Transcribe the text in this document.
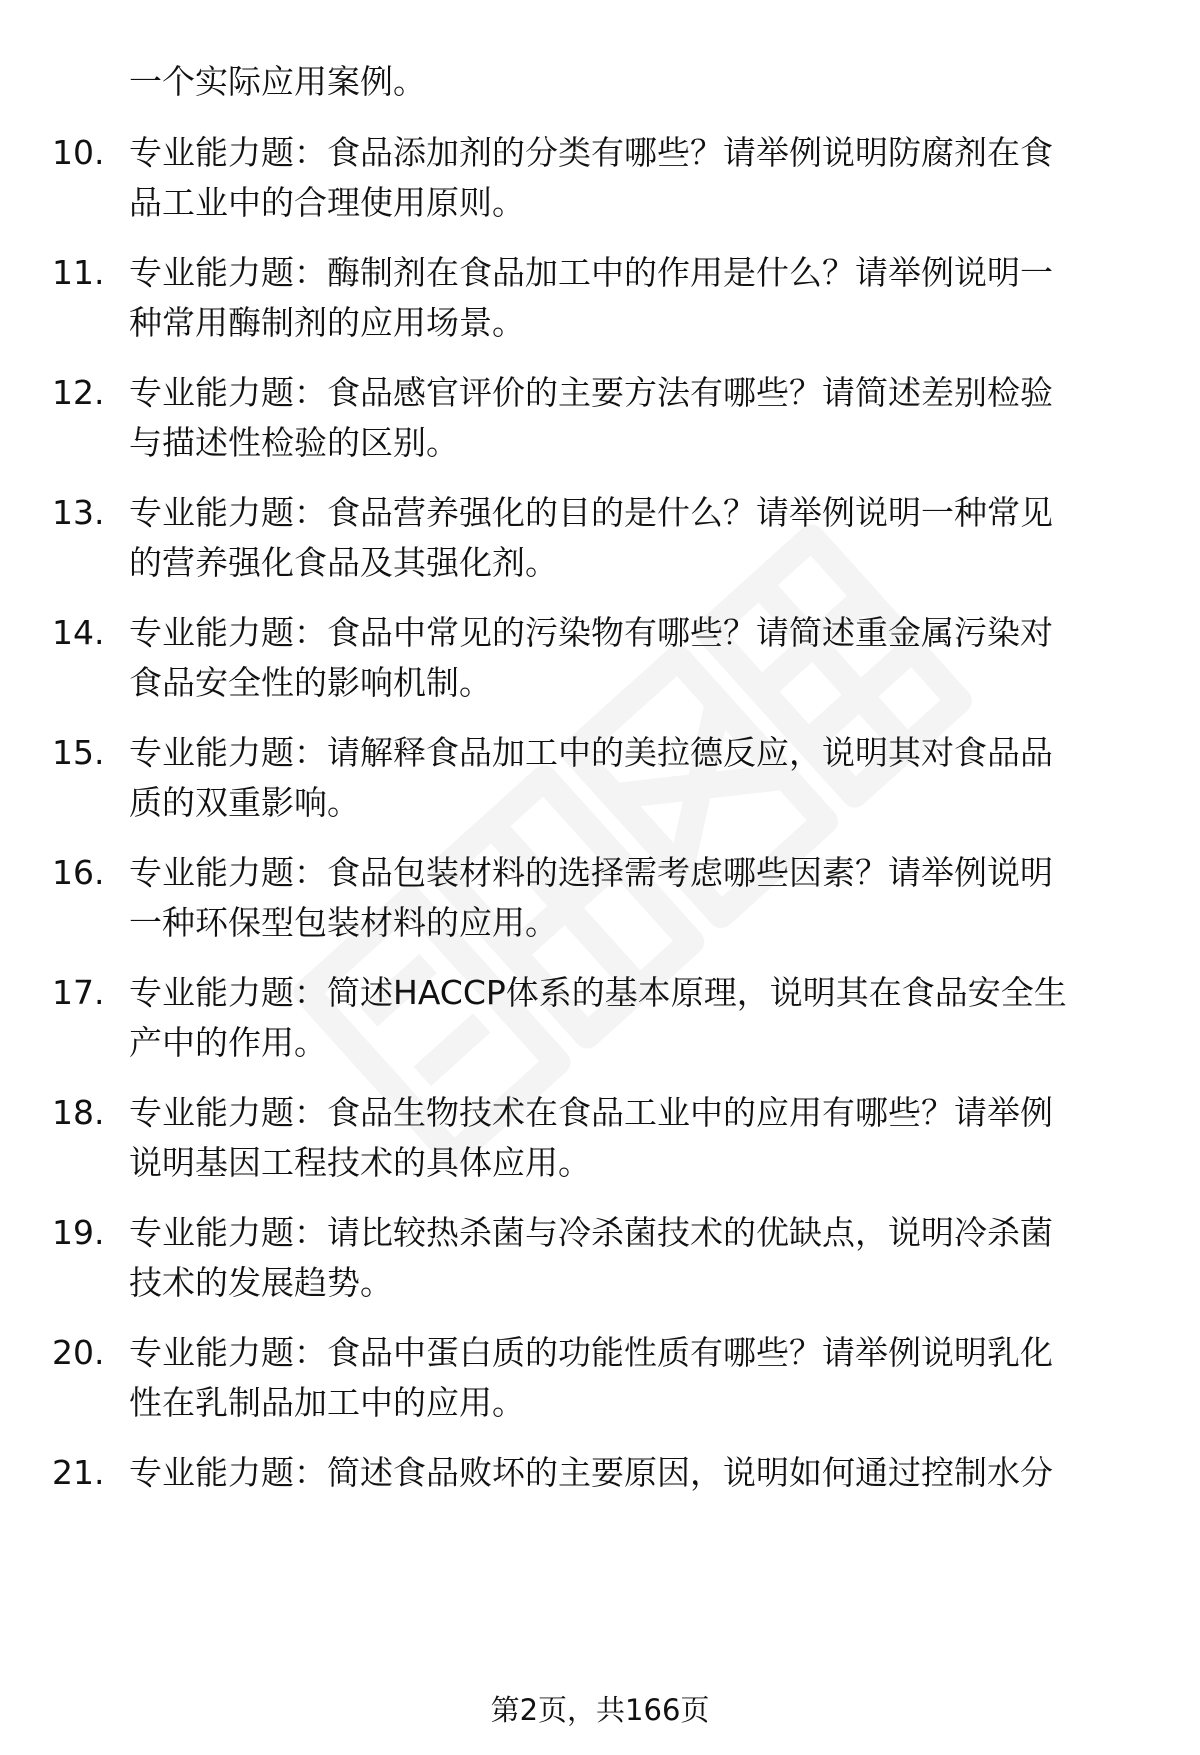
一个实际应用案例。
10. 专业能力题：食品添加剂的分类有哪些？请举例说明防腐剂在食
品工业中的合理使用原则。
11. 专业能力题：酶制剂在食品加工中的作用是什么？请举例说明一
种常用酶制剂的应用场景。
12. 专业能力题：食品感官评价的主要方法有哪些？请简述差别检验
与描述性检验的区别。
13. 专业能力题：食品营养强化的目的是什么？请举例说明一种常见
的营养强化食品及其强化剂。
14. 专业能力题：食品中常见的污染物有哪些？请简述重金属污染对
食品安全性的影响机制。
15. 专业能力题：请解释食品加工中的美拉德反应，说明其对食品品
质的双重影响。
16. 专业能力题：食品包装材料的选择需考虑哪些因素？请举例说明
一种环保型包装材料的应用。
17. 专业能力题：简述HACCP体系的基本原理，说明其在食品安全生
产中的作用。
18. 专业能力题：食品生物技术在食品工业中的应用有哪些？请举例
说明基因工程技术的具体应用。
19. 专业能力题：请比较热杀菌与冷杀菌技术的优缺点，说明冷杀菌
技术的发展趋势。
20. 专业能力题：食品中蛋白质的功能性质有哪些？请举例说明乳化
性在乳制品加工中的应用。
21. 专业能力题：简述食品败坏的主要原因，说明如何通过控制水分
第2页，共166页
